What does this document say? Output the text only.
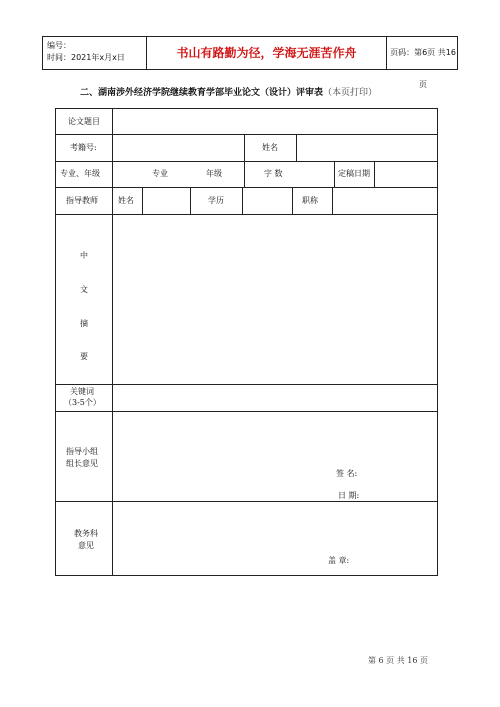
编号：
时间：2021年x月x日	书山有路勤为径，学海无涯苦作舟	页码：第6页 共16页
二、湖南涉外经济学院继续教育学部毕业论文（设计）评审表（本页打印）
论文题目
考籍号:	姓名
专业、年级	专业	年级	字 数	定稿日期
指导教师	姓名	学历	职称
中
文
摘
要
关键词
（3-5个）
指导小组
组长意见
签 名:
日 期:
教务科
意见
盖 章:
第 6 页 共 16 页
